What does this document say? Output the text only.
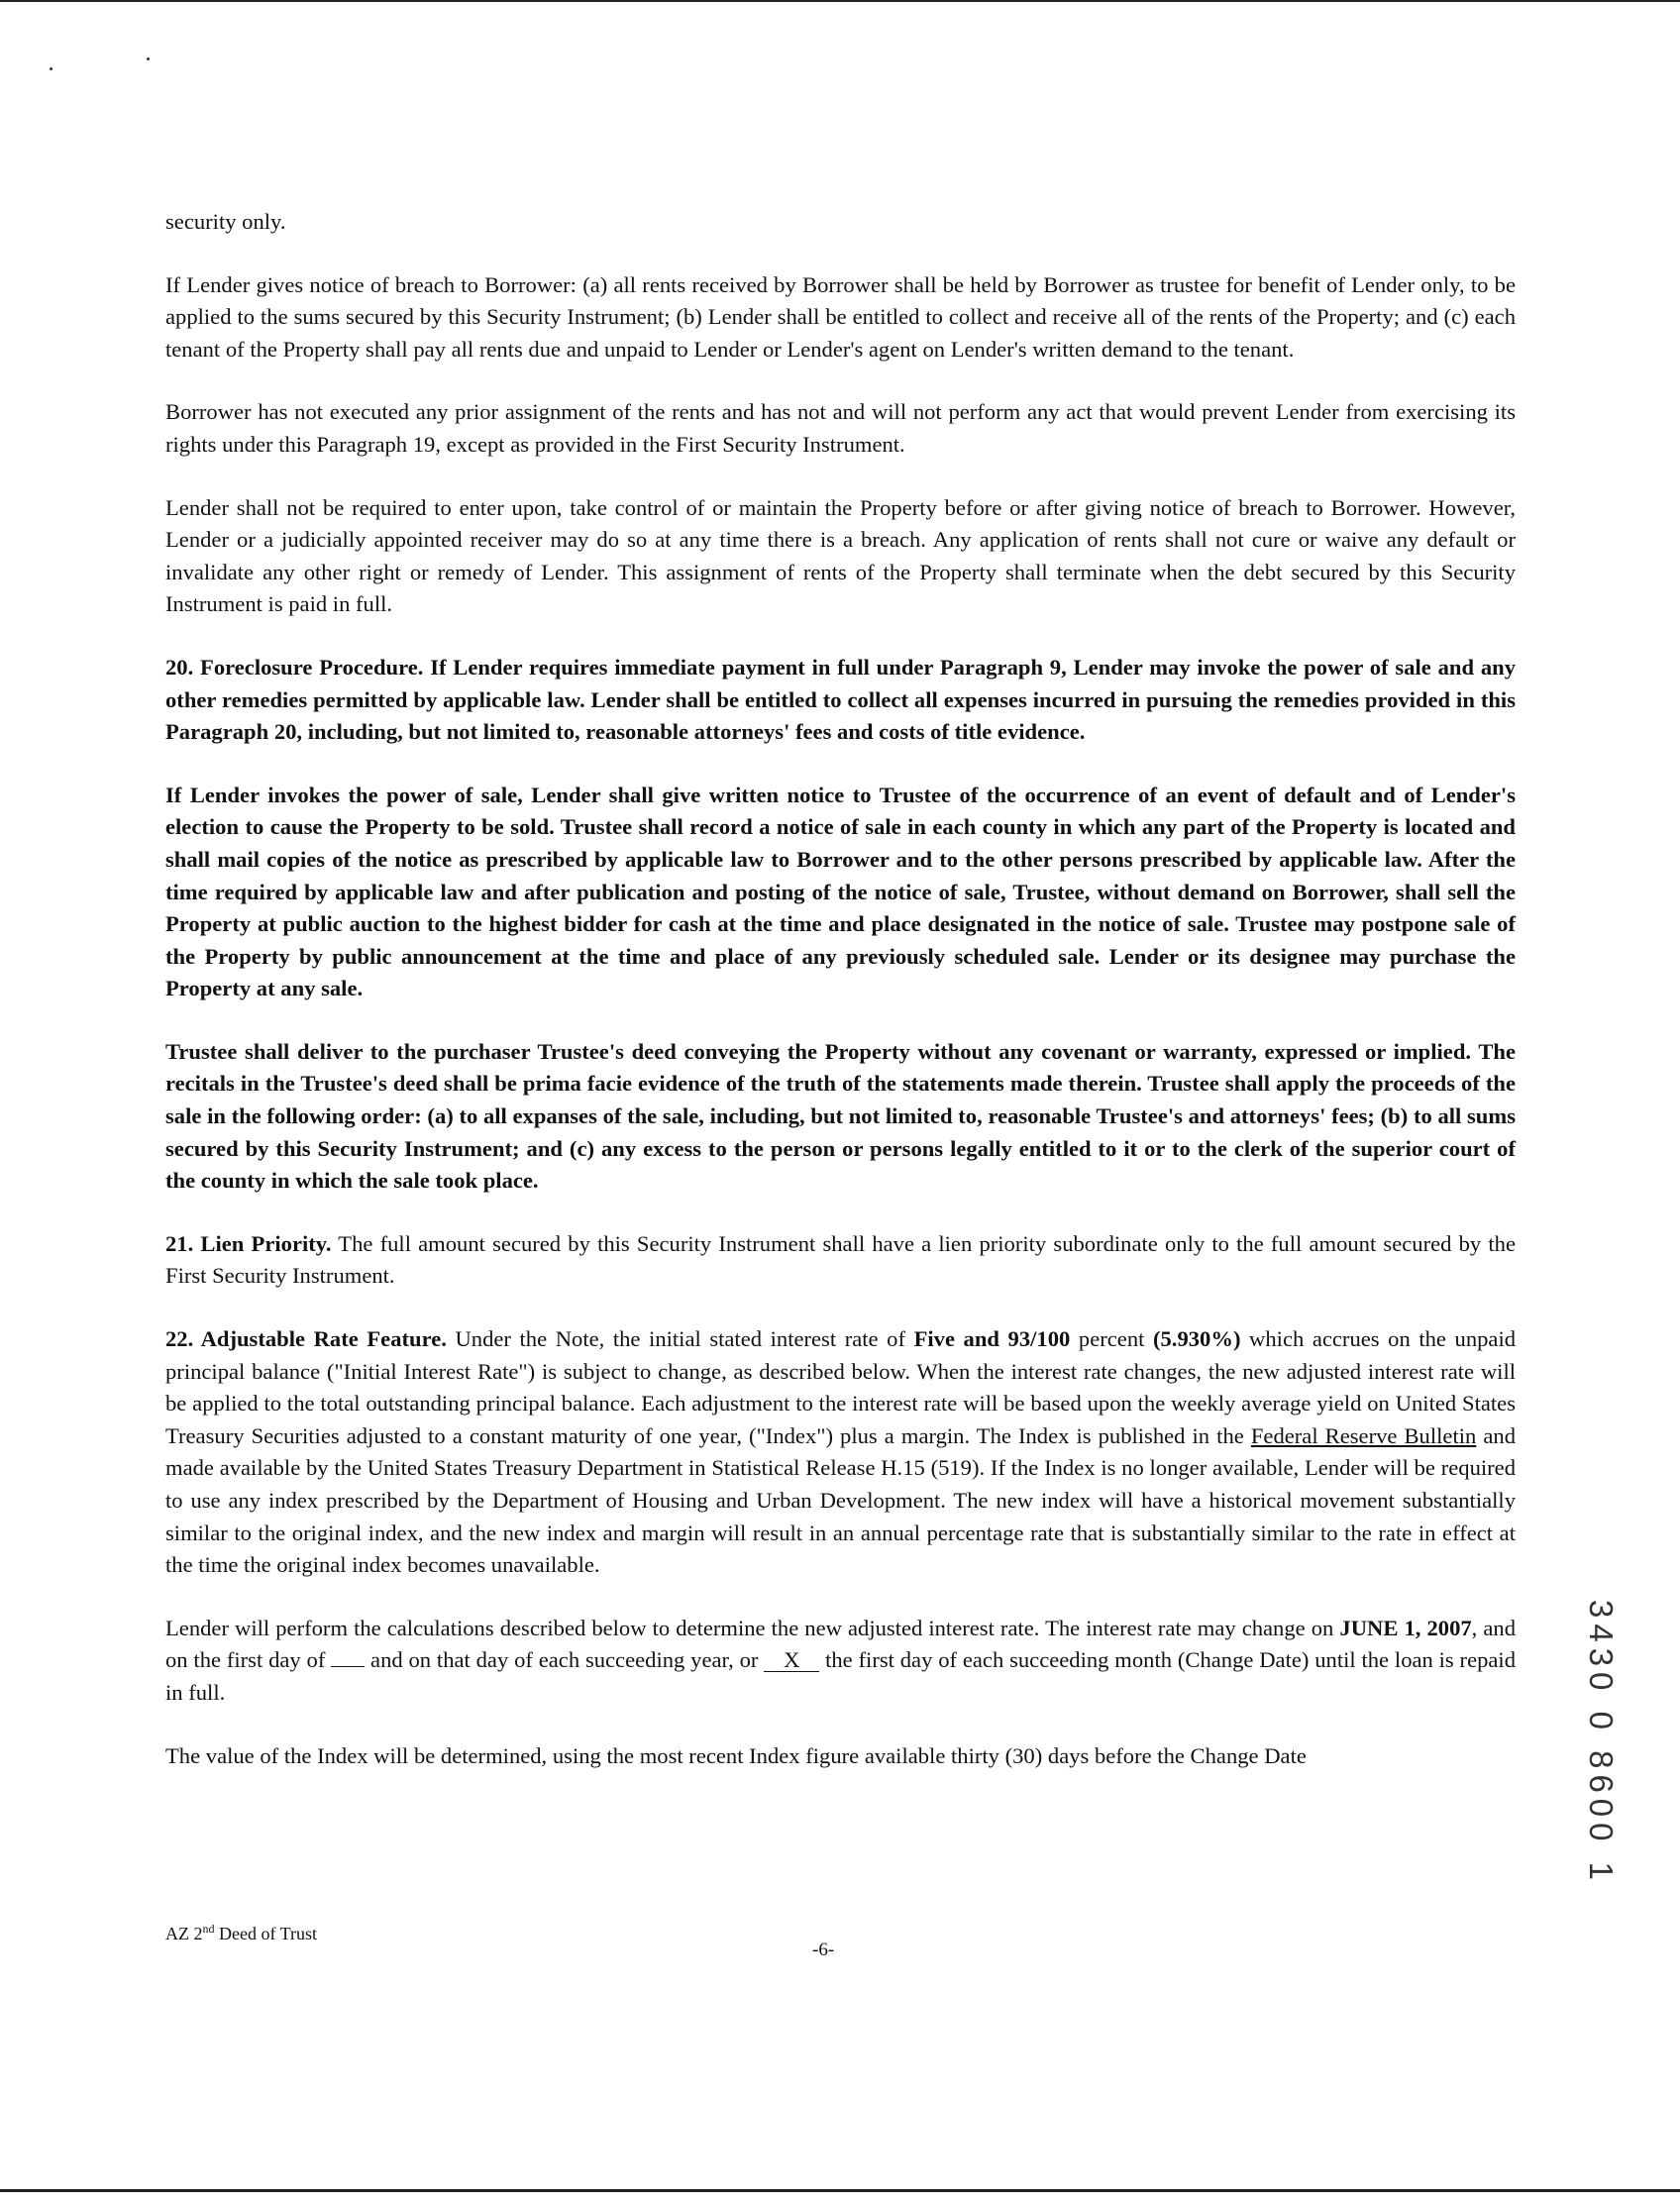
security only.

If Lender gives notice of breach to Borrower: (a) all rents received by Borrower shall be held by Borrower as trustee for benefit of Lender only, to be applied to the sums secured by this Security Instrument; (b) Lender shall be entitled to collect and receive all of the rents of the Property; and (c) each tenant of the Property shall pay all rents due and unpaid to Lender or Lender's agent on Lender's written demand to the tenant.

Borrower has not executed any prior assignment of the rents and has not and will not perform any act that would prevent Lender from exercising its rights under this Paragraph 19, except as provided in the First Security Instrument.

Lender shall not be required to enter upon, take control of or maintain the Property before or after giving notice of breach to Borrower. However, Lender or a judicially appointed receiver may do so at any time there is a breach. Any application of rents shall not cure or waive any default or invalidate any other right or remedy of Lender. This assignment of rents of the Property shall terminate when the debt secured by this Security Instrument is paid in full.

20. Foreclosure Procedure. If Lender requires immediate payment in full under Paragraph 9, Lender may invoke the power of sale and any other remedies permitted by applicable law. Lender shall be entitled to collect all expenses incurred in pursuing the remedies provided in this Paragraph 20, including, but not limited to, reasonable attorneys' fees and costs of title evidence.

If Lender invokes the power of sale, Lender shall give written notice to Trustee of the occurrence of an event of default and of Lender's election to cause the Property to be sold. Trustee shall record a notice of sale in each county in which any part of the Property is located and shall mail copies of the notice as prescribed by applicable law to Borrower and to the other persons prescribed by applicable law. After the time required by applicable law and after publication and posting of the notice of sale, Trustee, without demand on Borrower, shall sell the Property at public auction to the highest bidder for cash at the time and place designated in the notice of sale. Trustee may postpone sale of the Property by public announcement at the time and place of any previously scheduled sale. Lender or its designee may purchase the Property at any sale.

Trustee shall deliver to the purchaser Trustee's deed conveying the Property without any covenant or warranty, expressed or implied. The recitals in the Trustee's deed shall be prima facie evidence of the truth of the statements made therein. Trustee shall apply the proceeds of the sale in the following order: (a) to all expanses of the sale, including, but not limited to, reasonable Trustee's and attorneys' fees; (b) to all sums secured by this Security Instrument; and (c) any excess to the person or persons legally entitled to it or to the clerk of the superior court of the county in which the sale took place.

21. Lien Priority. The full amount secured by this Security Instrument shall have a lien priority subordinate only to the full amount secured by the First Security Instrument.

22. Adjustable Rate Feature. Under the Note, the initial stated interest rate of Five and 93/100 percent (5.930%) which accrues on the unpaid principal balance ("Initial Interest Rate") is subject to change, as described below. When the interest rate changes, the new adjusted interest rate will be applied to the total outstanding principal balance. Each adjustment to the interest rate will be based upon the weekly average yield on United States Treasury Securities adjusted to a constant maturity of one year, ("Index") plus a margin. The Index is published in the Federal Reserve Bulletin and made available by the United States Treasury Department in Statistical Release H.15 (519). If the Index is no longer available, Lender will be required to use any index prescribed by the Department of Housing and Urban Development. The new index will have a historical movement substantially similar to the original index, and the new index and margin will result in an annual percentage rate that is substantially similar to the rate in effect at the time the original index becomes unavailable.

Lender will perform the calculations described below to determine the new adjusted interest rate. The interest rate may change on JUNE 1, 2007, and on the first day of  and on that day of each succeeding year, or X the first day of each succeeding month (Change Date) until the loan is repaid in full.

The value of the Index will be determined, using the most recent Index figure available thirty (30) days before the Change Date

AZ 2nd Deed of Trust
-6-
3430 0 8600 1
